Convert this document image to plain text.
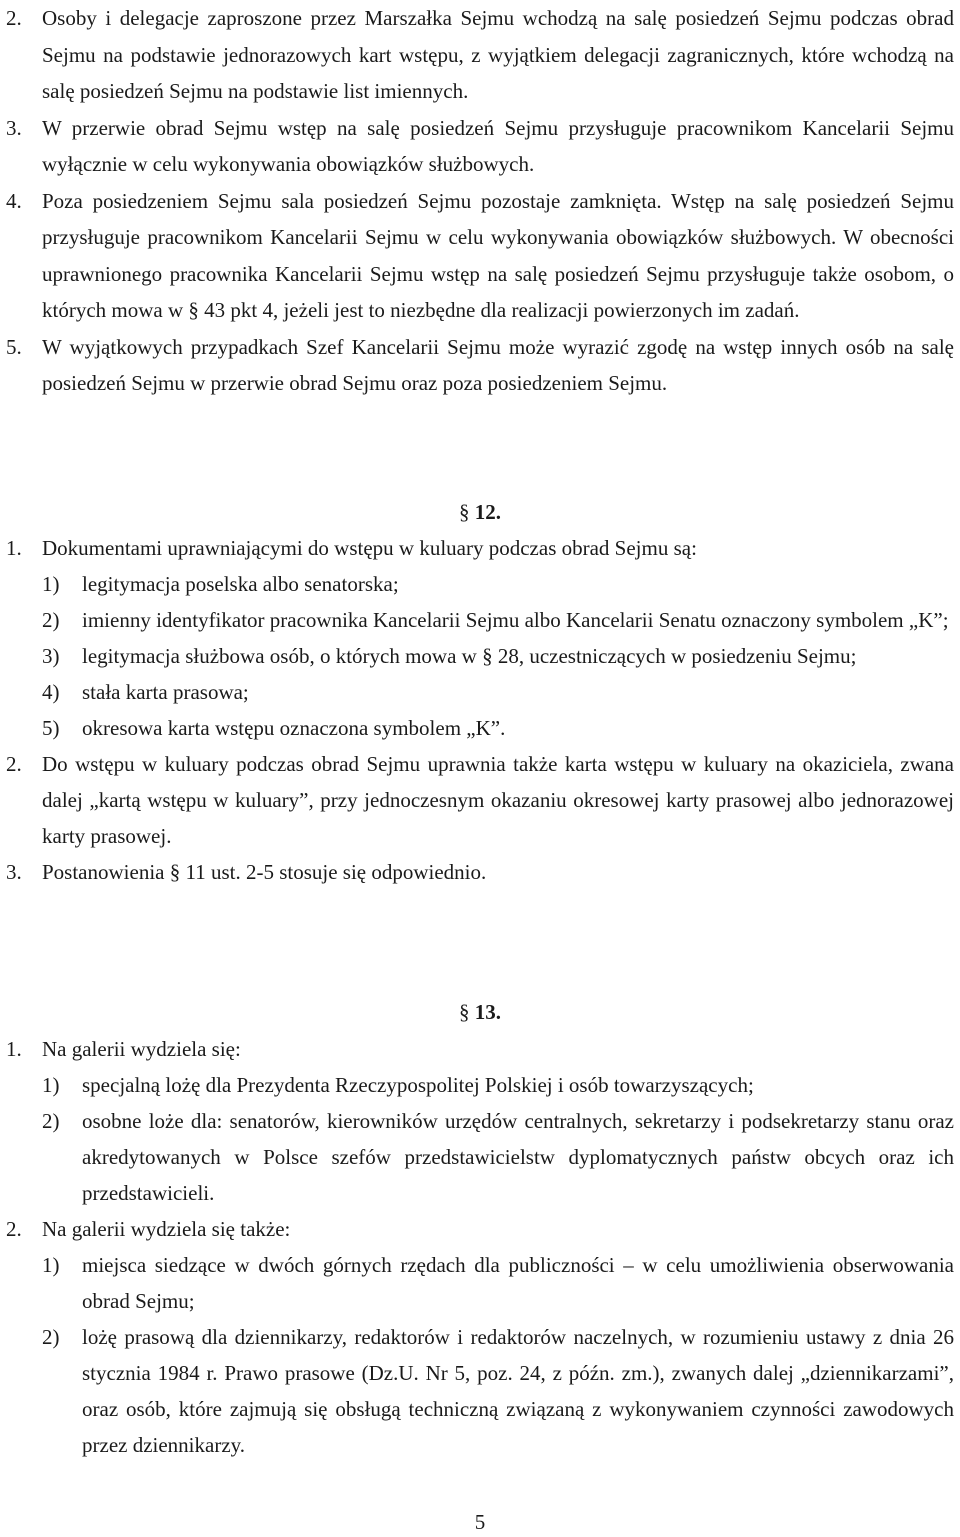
2. Osoby i delegacje zaproszone przez Marszałka Sejmu wchodzą na salę posiedzeń Sejmu podczas obrad Sejmu na podstawie jednorazowych kart wstępu, z wyjątkiem delegacji zagranicznych, które wchodzą na salę posiedzeń Sejmu na podstawie list imiennych.
3. W przerwie obrad Sejmu wstęp na salę posiedzeń Sejmu przysługuje pracownikom Kancelarii Sejmu wyłącznie w celu wykonywania obowiązków służbowych.
4. Poza posiedzeniem Sejmu sala posiedzeń Sejmu pozostaje zamknięta. Wstęp na salę posiedzeń Sejmu przysługuje pracownikom Kancelarii Sejmu w celu wykonywania obowiązków służbowych. W obecności uprawnionego pracownika Kancelarii Sejmu wstęp na salę posiedzeń Sejmu przysługuje także osobom, o których mowa w § 43 pkt 4, jeżeli jest to niezbędne dla realizacji powierzonych im zadań.
5. W wyjątkowych przypadkach Szef Kancelarii Sejmu może wyrazić zgodę na wstęp innych osób na salę posiedzeń Sejmu w przerwie obrad Sejmu oraz poza posiedzeniem Sejmu.
§ 12.
1. Dokumentami uprawniającymi do wstępu w kuluary podczas obrad Sejmu są:
1) legitymacja poselska albo senatorska;
2) imienny identyfikator pracownika Kancelarii Sejmu albo Kancelarii Senatu oznaczony symbolem „K”;
3) legitymacja służbowa osób, o których mowa w § 28, uczestniczących w posiedzeniu Sejmu;
4) stała karta prasowa;
5) okresowa karta wstępu oznaczona symbolem „K”.
2. Do wstępu w kuluary podczas obrad Sejmu uprawnia także karta wstępu w kuluary na okaziciela, zwana dalej „kartą wstępu w kuluary”, przy jednoczesnym okazaniu okresowej karty prasowej albo jednorazowej karty prasowej.
3. Postanowienia § 11 ust. 2-5 stosuje się odpowiednio.
§ 13.
1. Na galerii wydziela się:
1) specjalną lożę dla Prezydenta Rzeczypospolitej Polskiej i osób towarzyszących;
2) osobne loże dla: senatorów, kierowników urzędów centralnych, sekretarzy i podsekretarzy stanu oraz akredytowanych w Polsce szefów przedstawicielstw dyplomatycznych państw obcych oraz ich przedstawicieli.
2. Na galerii wydziela się także:
1) miejsca siedzące w dwóch górnych rzędach dla publiczności – w celu umożliwienia obserwowania obrad Sejmu;
2) lożę prasową dla dziennikarzy, redaktorów i redaktorów naczelnych, w rozumieniu ustawy z dnia 26 stycznia 1984 r. Prawo prasowe (Dz.U. Nr 5, poz. 24, z późn. zm.), zwanych dalej „dziennikarzami”, oraz osób, które zajmują się obsługą techniczną związaną z wykonywaniem czynności zawodowych przez dziennikarzy.
5
